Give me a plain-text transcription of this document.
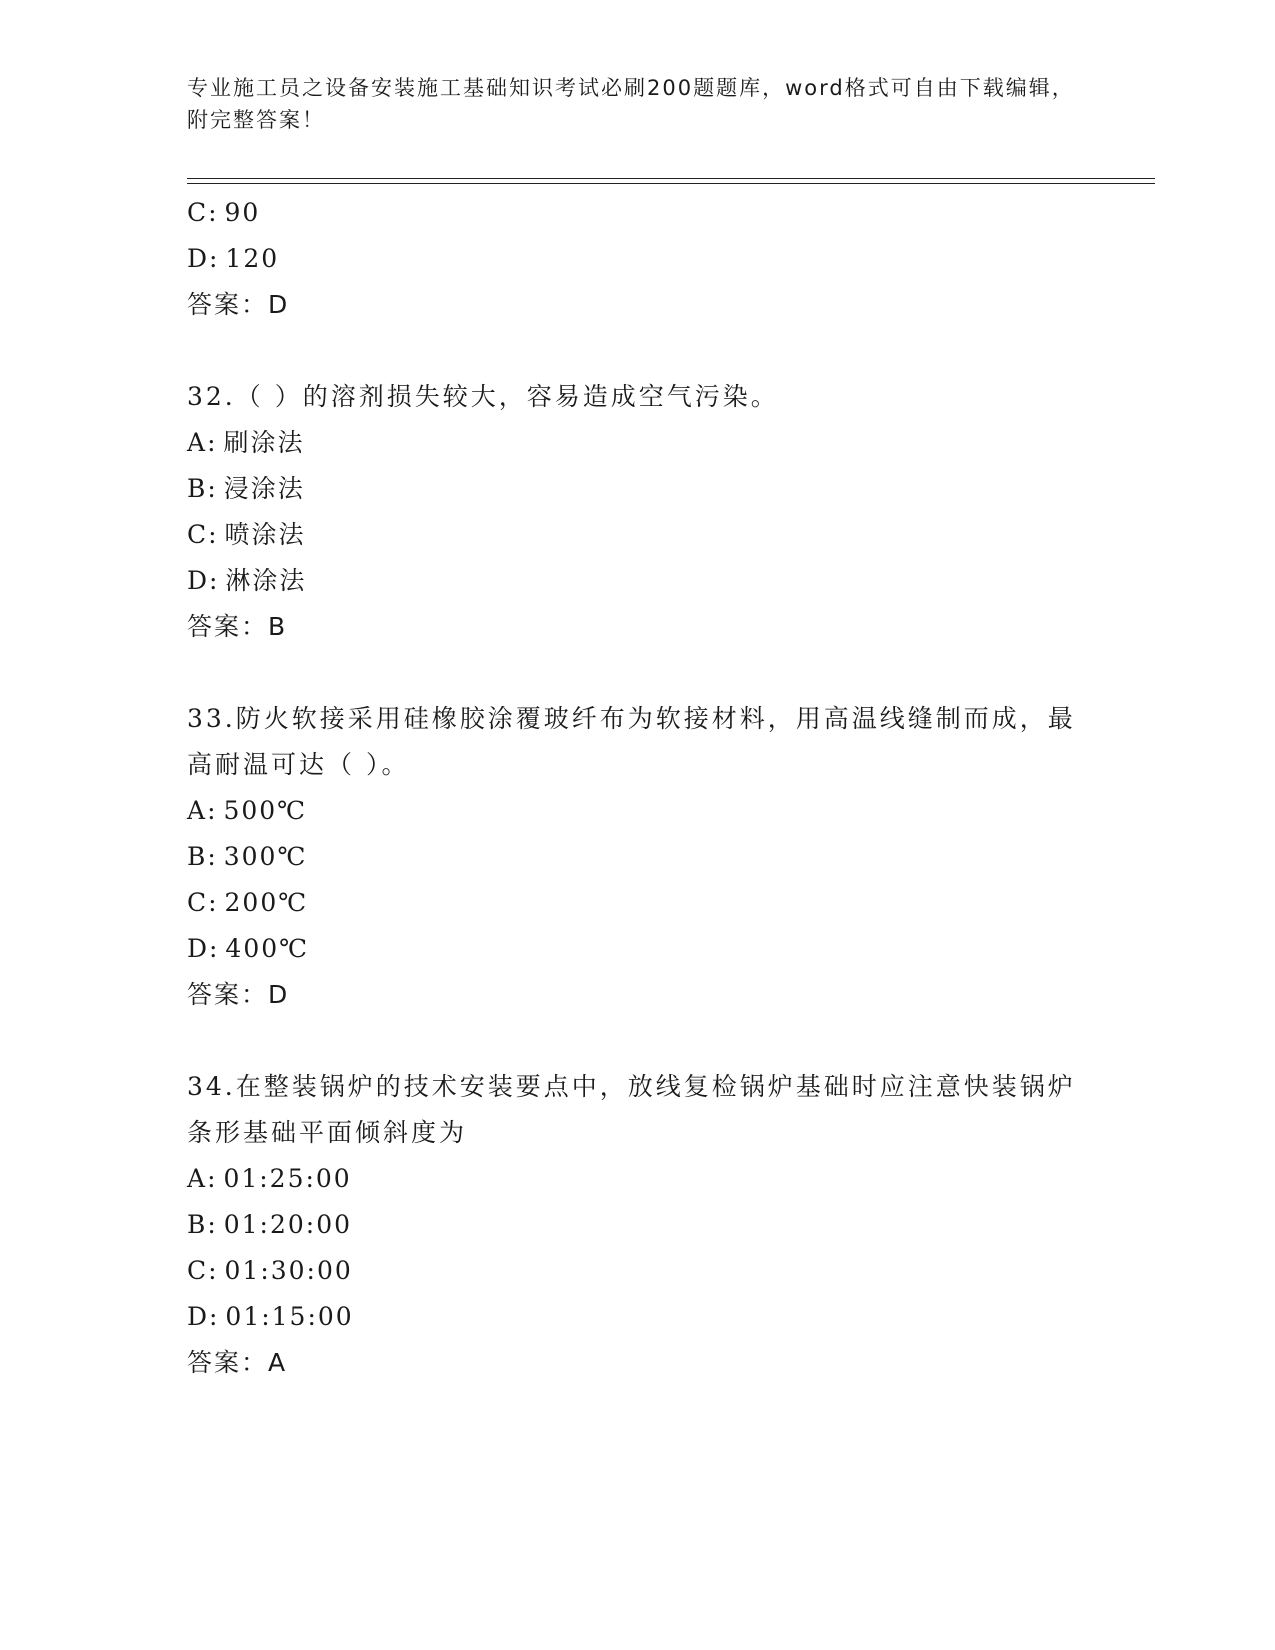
专业施工员之设备安装施工基础知识考试必刷200题题库，word格式可自由下载编辑，附完整答案！
C: 90
D: 120
答案：D
32.（ ）的溶剂损失较大，容易造成空气污染。
A: 刷涂法
B: 浸涂法
C: 喷涂法
D: 淋涂法
答案：B
33.防火软接采用硅橡胶涂覆玻纤布为软接材料，用高温线缝制而成，最高耐温可达（ ）。
A: 500℃
B: 300℃
C: 200℃
D: 400℃
答案：D
34.在整装锅炉的技术安装要点中，放线复检锅炉基础时应注意快装锅炉条形基础平面倾斜度为
A: 01:25:00
B: 01:20:00
C: 01:30:00
D: 01:15:00
答案：A
